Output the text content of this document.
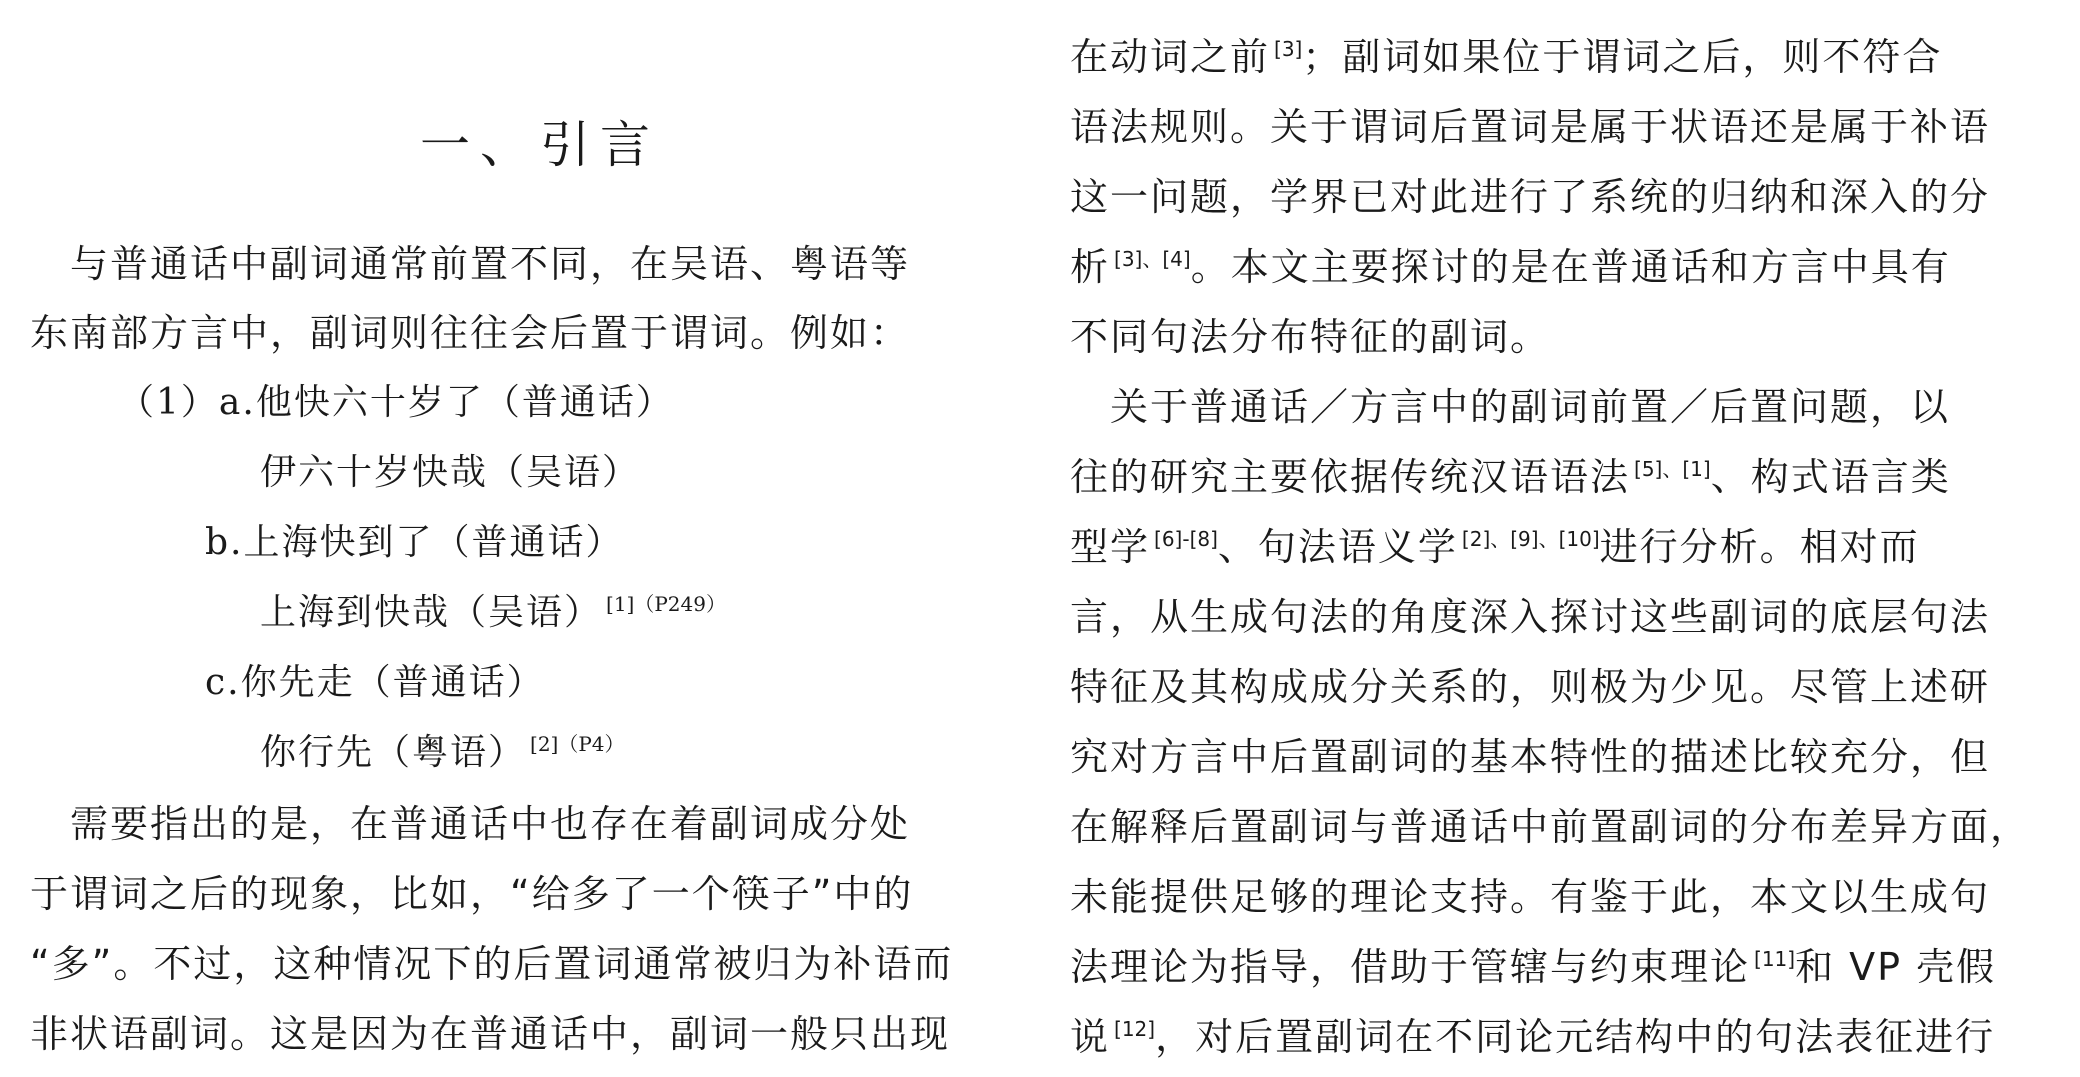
一、引言
　与普通话中副词通常前置不同，在吴语、粤语等
东南部方言中，副词则往往会后置于谓词。例如：
（1）a.他快六十岁了（普通话）
伊六十岁快哉（吴语）
b.上海快到了（普通话）
上海到快哉（吴语） $^{[1](P249)}$
c.你先走（普通话）
你行先（粤语） $^{[2](P4)}$
　需要指出的是，在普通话中也存在着副词成分处
于谓词之后的现象，比如，“给多了一个筷子”中的
“多”。不过，这种情况下的后置词通常被归为补语而
非状语副词。这是因为在普通话中，副词一般只出现
在动词之前 [3]；副词如果位于谓词之后，则不符合
语法规则。关于谓词后置词是属于状语还是属于补语
这一问题，学界已对此进行了系统的归纳和深入的分
析 [3]、[4]。本文主要探讨的是在普通话和方言中具有
不同句法分布特征的副词。
　关于普通话／方言中的副词前置／后置问题，以
往的研究主要依据传统汉语语法 [5]、[1]、构式语言类
型学 [6]-[8]、句法语义学 [2]、[9]、[10]进行分析。相对而
言，从生成句法的角度深入探讨这些副词的底层句法
特征及其构成成分关系的，则极为少见。尽管上述研
究对方言中后置副词的基本特性的描述比较充分，但
在解释后置副词与普通话中前置副词的分布差异方面，
未能提供足够的理论支持。有鉴于此，本文以生成句
法理论为指导，借助于管辖与约束理论 [11]和 VP 壳假
说 [12]，对后置副词在不同论元结构中的句法表征进行
